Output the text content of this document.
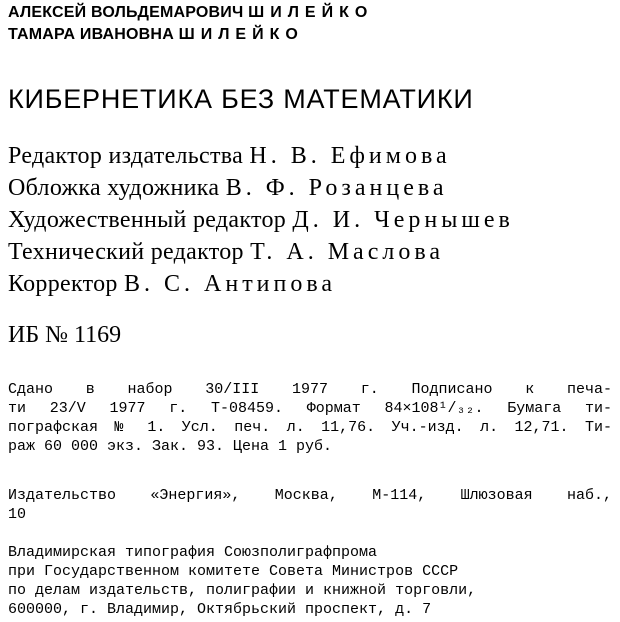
АЛЕКСЕЙ ВОЛЬДЕМАРОВИЧ ШИЛЕЙКО
ТАМАРА ИВАНОВНА ШИЛЕЙКО
КИБЕРНЕТИКА БЕЗ МАТЕМАТИКИ
Редактор издательства Н. В. Ефимова
Обложка художника В. Ф. Розанцева
Художественный редактор Д. И. Чернышев
Технический редактор Т. А. Маслова
Корректор В. С. Антипова
ИБ № 1169
Сдано в набор 30/III 1977 г. Подписано к печа-
ти 23/V 1977 г. Т-08459. Формат 84×108¹/₃₂. Бумага ти-
пографская № 1. Усл. печ. л. 11,76. Уч.-изд. л. 12,71. Ти-
раж 60 000 экз. Зак. 93. Цена 1 руб.
Издательство «Энергия», Москва, М-114, Шлюзовая наб.,
10
Владимирская типография Союзполиграфпрома
при Государственном комитете Совета Министров СССР
по делам издательств, полиграфии и книжной торговли,
600000, г. Владимир, Октябрьский проспект, д. 7
